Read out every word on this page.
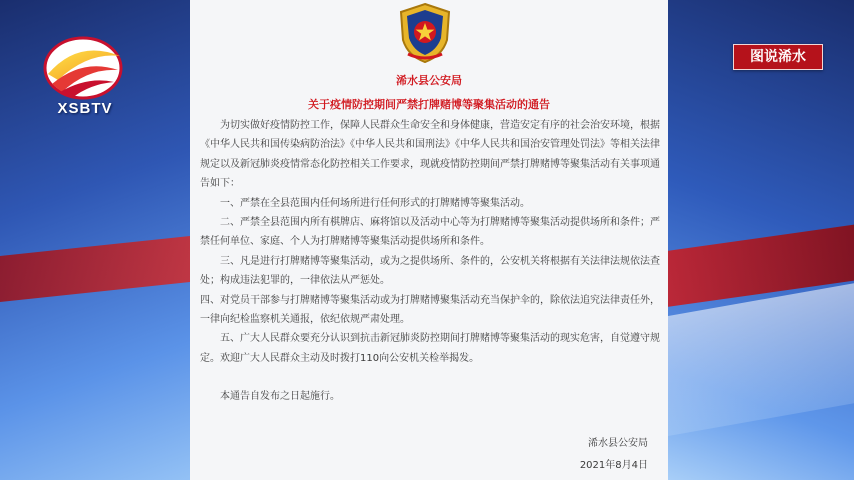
XSBTV
图说浠水
浠水县公安局
关于疫情防控期间严禁打牌赌博等聚集活动的通告

为切实做好疫情防控工作，保障人民群众生命安全和身体健康，营造安定有序的社会治安环境，根据《中华人民共和国传染病防治法》《中华人民共和国刑法》《中华人民共和国治安管理处罚法》等相关法律规定以及新冠肺炎疫情常态化防控相关工作要求，现就疫情防控期间严禁打牌赌博等聚集活动有关事项通告如下：

一、严禁在全县范围内任何场所进行任何形式的打牌赌博等聚集活动。

二、严禁全县范围内所有棋牌店、麻将馆以及活动中心等为打牌赌博等聚集活动提供场所和条件；严禁任何单位、家庭、个人为打牌赌博等聚集活动提供场所和条件。

三、凡是进行打牌赌博等聚集活动，或为之提供场所、条件的，公安机关将根据有关法律法规依法查处；构成违法犯罪的，一律依法从严惩处。

四、对党员干部参与打牌赌博等聚集活动或为打牌赌博聚集活动充当保护伞的，除依法追究法律责任外，一律向纪检监察机关通报，依纪依规严肃处理。

五、广大人民群众要充分认识到抗击新冠肺炎防控期间打牌赌博等聚集活动的现实危害，自觉遵守规定。欢迎广大人民群众主动及时拨打110向公安机关检举揭发。

本通告自发布之日起施行。

浠水县公安局
2021年8月4日
